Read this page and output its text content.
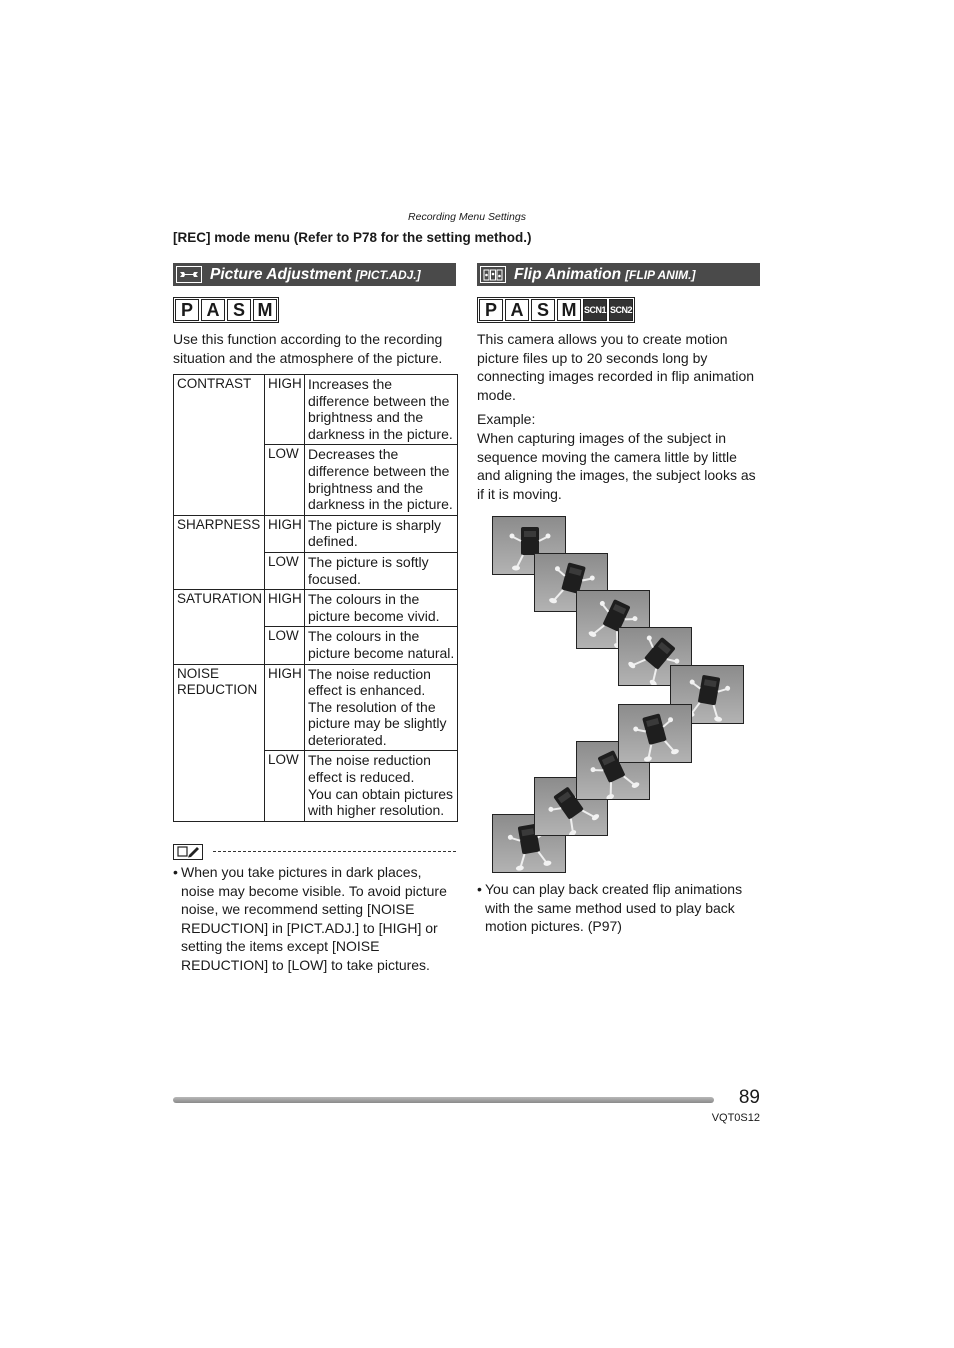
Recording Menu Settings
[REC] mode menu (Refer to P78 for the setting method.)
Picture Adjustment [PICT.ADJ.]
P A S M
Use this function according to the recording situation and the atmosphere of the picture.
CONTRAST	HIGH	Increases the difference between the brightness and the darkness in the picture.
	LOW	Decreases the difference between the brightness and the darkness in the picture.
SHARPNESS	HIGH	The picture is sharply defined.
	LOW	The picture is softly focused.
SATURATION	HIGH	The colours in the picture become vivid.
	LOW	The colours in the picture become natural.
NOISE REDUCTION	HIGH	The noise reduction effect is enhanced.
The resolution of the picture may be slightly deteriorated.
	LOW	The noise reduction effect is reduced.
You can obtain pictures with higher resolution.
• When you take pictures in dark places, noise may become visible. To avoid picture noise, we recommend setting [NOISE REDUCTION] in [PICT.ADJ.] to [HIGH] or setting the items except [NOISE REDUCTION] to [LOW] to take pictures.
Flip Animation [FLIP ANIM.]
P A S M SCN1 SCN2
This camera allows you to create motion picture files up to 20 seconds long by connecting images recorded in flip animation mode.
Example:
When capturing images of the subject in sequence moving the camera little by little and aligning the images, the subject looks as if it is moving.
• You can play back created flip animations with the same method used to play back motion pictures. (P97)
89
VQT0S12
